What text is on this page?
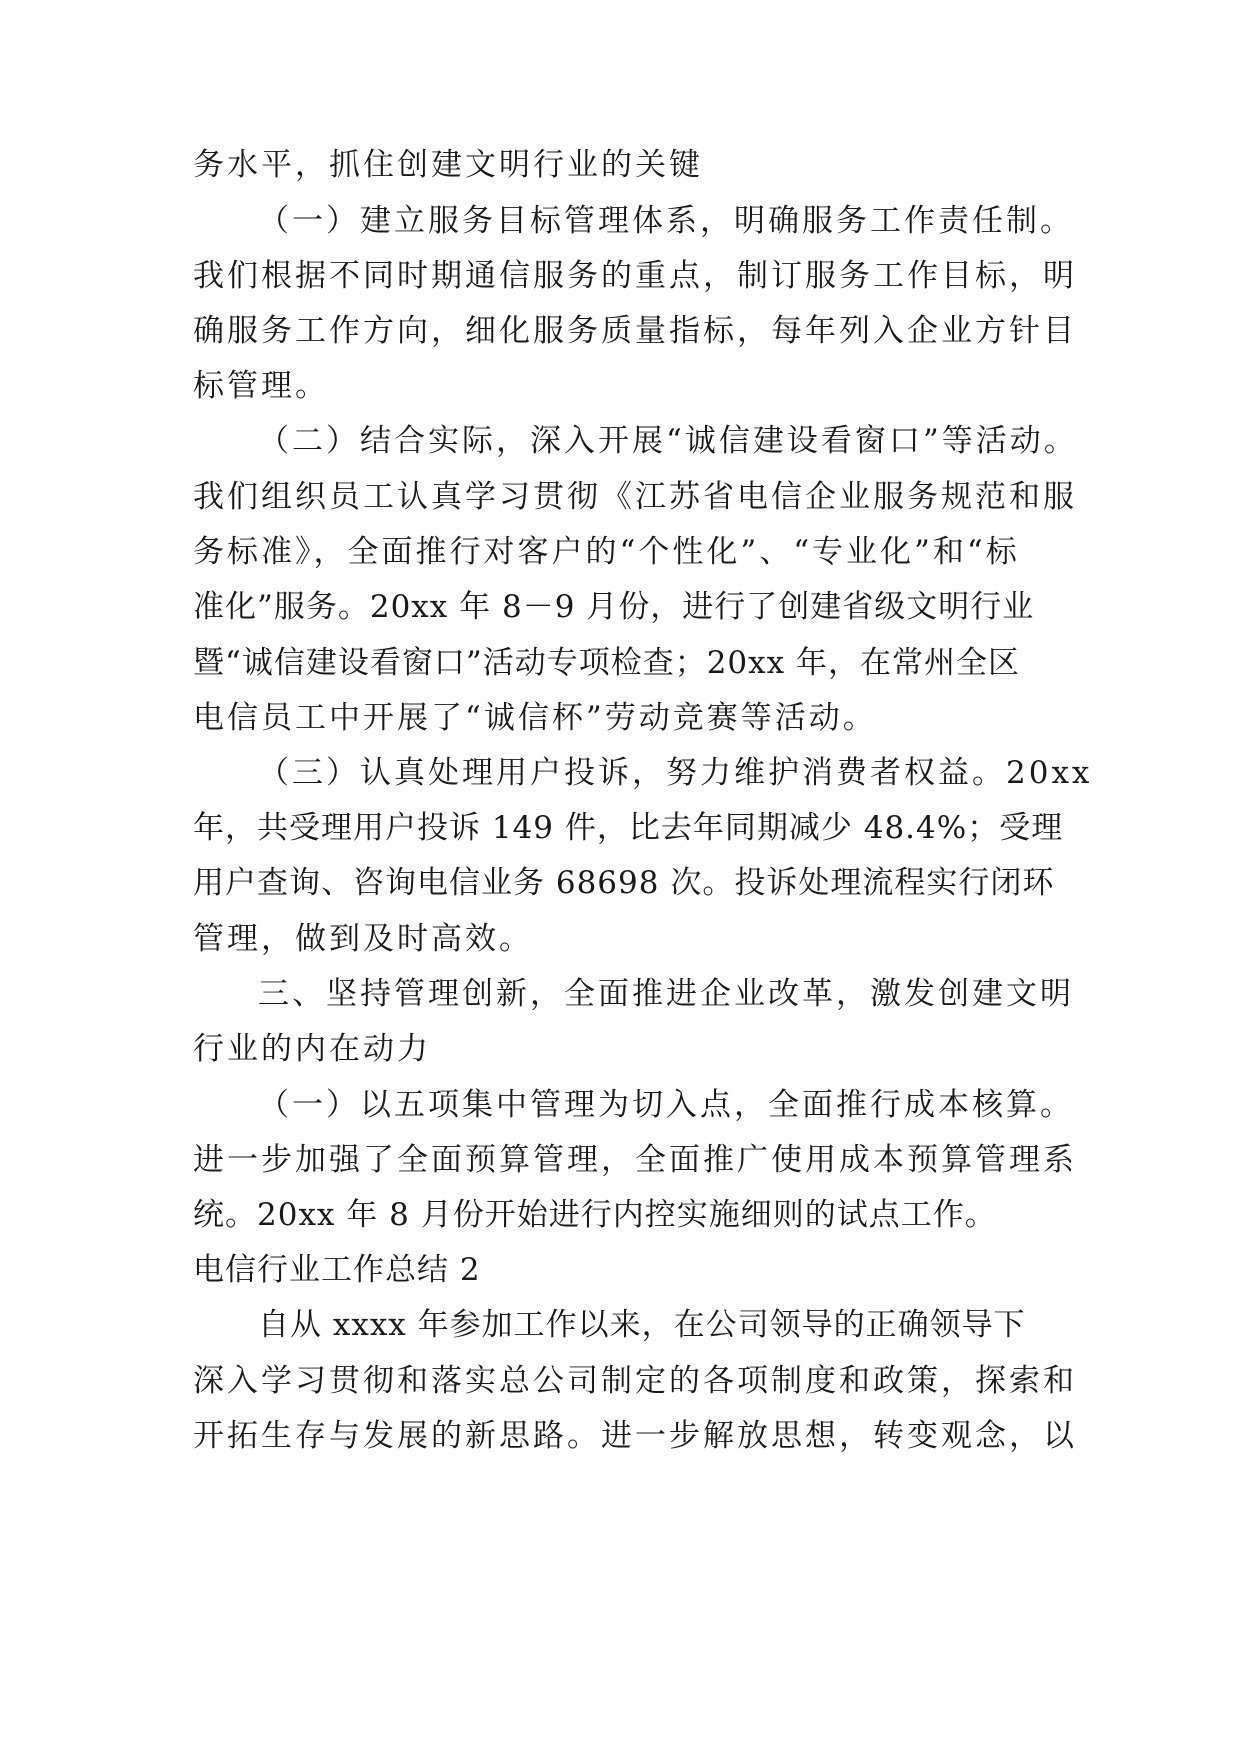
务水平，抓住创建文明行业的关键
（一）建立服务目标管理体系，明确服务工作责任制。
我们根据不同时期通信服务的重点，制订服务工作目标，明
确服务工作方向，细化服务质量指标，每年列入企业方针目
标管理。
（二）结合实际，深入开展“诚信建设看窗口”等活动。
我们组织员工认真学习贯彻《江苏省电信企业服务规范和服
务标准》，全面推行对客户的“个性化”、“专业化”和“标
准化”服务。20xx 年 8－9 月份，进行了创建省级文明行业
暨“诚信建设看窗口”活动专项检查；20xx 年，在常州全区
电信员工中开展了“诚信杯”劳动竞赛等活动。
（三）认真处理用户投诉，努力维护消费者权益。20xx
年，共受理用户投诉 149 件，比去年同期减少 48.4%；受理
用户查询、咨询电信业务 68698 次。投诉处理流程实行闭环
管理，做到及时高效。
三、坚持管理创新，全面推进企业改革，激发创建文明
行业的内在动力
（一）以五项集中管理为切入点，全面推行成本核算。
进一步加强了全面预算管理，全面推广使用成本预算管理系
统。20xx 年 8 月份开始进行内控实施细则的试点工作。
电信行业工作总结 2
自从 xxxx 年参加工作以来，在公司领导的正确领导下
深入学习贯彻和落实总公司制定的各项制度和政策，探索和
开拓生存与发展的新思路。进一步解放思想，转变观念，以
